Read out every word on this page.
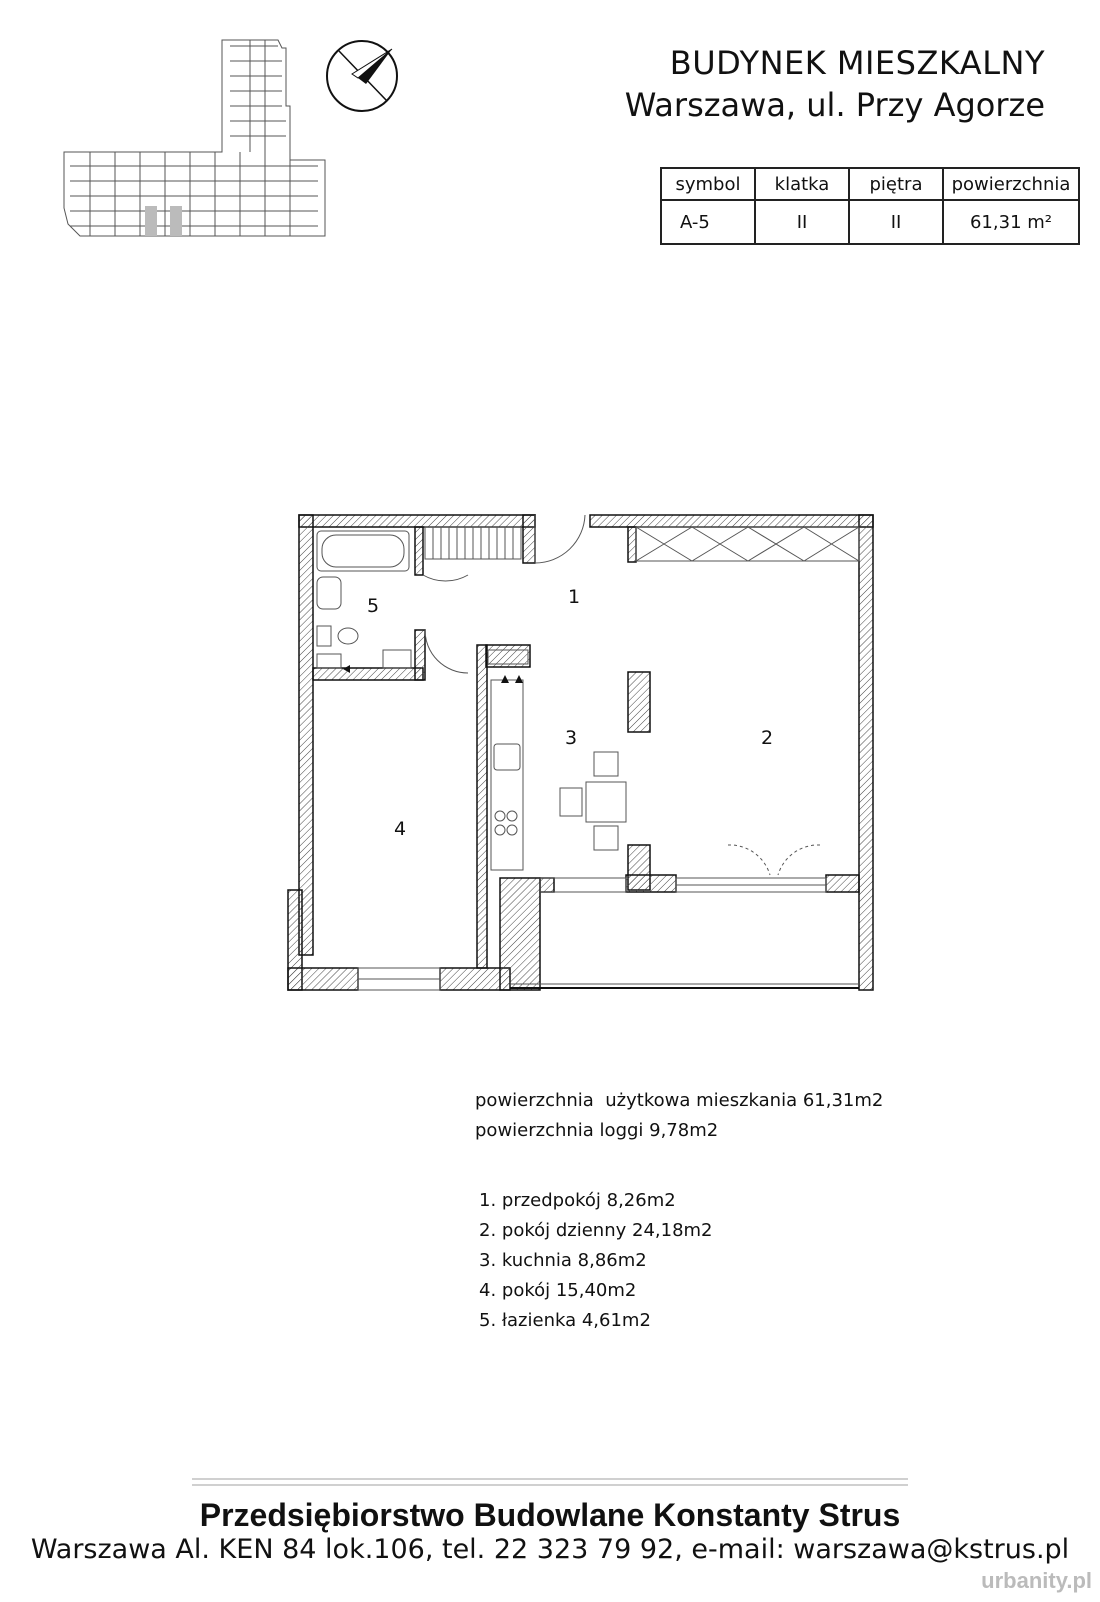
BUDYNEK MIESZKALNY
Warszawa, ul. Przy Agorze
symbol	klatka	piętra	powierzchnia
A-5	II	II	61,31 m²
1
2
3
4
5
powierzchnia  użytkowa mieszkania 61,31m2
powierzchnia loggi 9,78m2
1. przedpokój 8,26m2
2. pokój dzienny 24,18m2
3. kuchnia 8,86m2
4. pokój 15,40m2
5. łazienka 4,61m2
Przedsiębiorstwo Budowlane Konstanty Strus
Warszawa Al. KEN 84 lok.106, tel. 22 323 79 92, e-mail: warszawa@kstrus.pl
urbanity.pl
